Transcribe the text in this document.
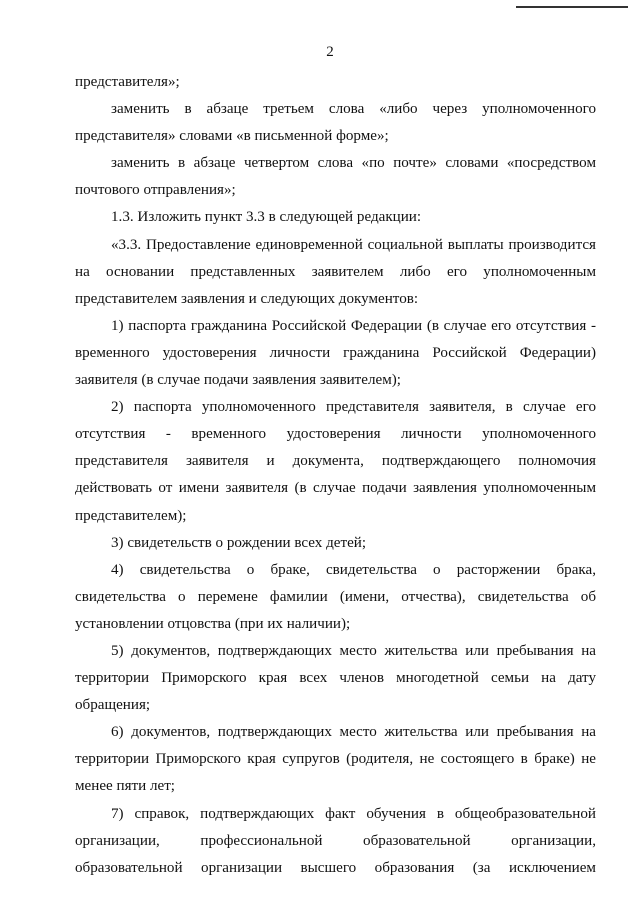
2

представителя»;

заменить в абзаце третьем слова «либо через уполномоченного представителя» словами «в письменной форме»;

заменить в абзаце четвертом слова «по почте» словами «посредством почтового отправления»;

1.3. Изложить пункт 3.3 в следующей редакции:

«3.3. Предоставление единовременной социальной выплаты производится на основании представленных заявителем либо его уполномоченным представителем заявления и следующих документов:

1) паспорта гражданина Российской Федерации (в случае его отсутствия - временного удостоверения личности гражданина Российской Федерации) заявителя (в случае подачи заявления заявителем);

2) паспорта уполномоченного представителя заявителя, в случае его отсутствия - временного удостоверения личности уполномоченного представителя заявителя и документа, подтверждающего полномочия действовать от имени заявителя (в случае подачи заявления уполномоченным представителем);

3) свидетельств о рождении всех детей;

4) свидетельства о браке, свидетельства о расторжении брака, свидетельства о перемене фамилии (имени, отчества), свидетельства об установлении отцовства (при их наличии);

5) документов, подтверждающих место жительства или пребывания на территории Приморского края всех членов многодетной семьи на дату обращения;

6) документов, подтверждающих место жительства или пребывания на территории Приморского края супругов (родителя, не состоящего в браке) не менее пяти лет;

7) справок, подтверждающих факт обучения в общеобразовательной организации, профессиональной образовательной организации, образовательной организации высшего образования (за исключением
